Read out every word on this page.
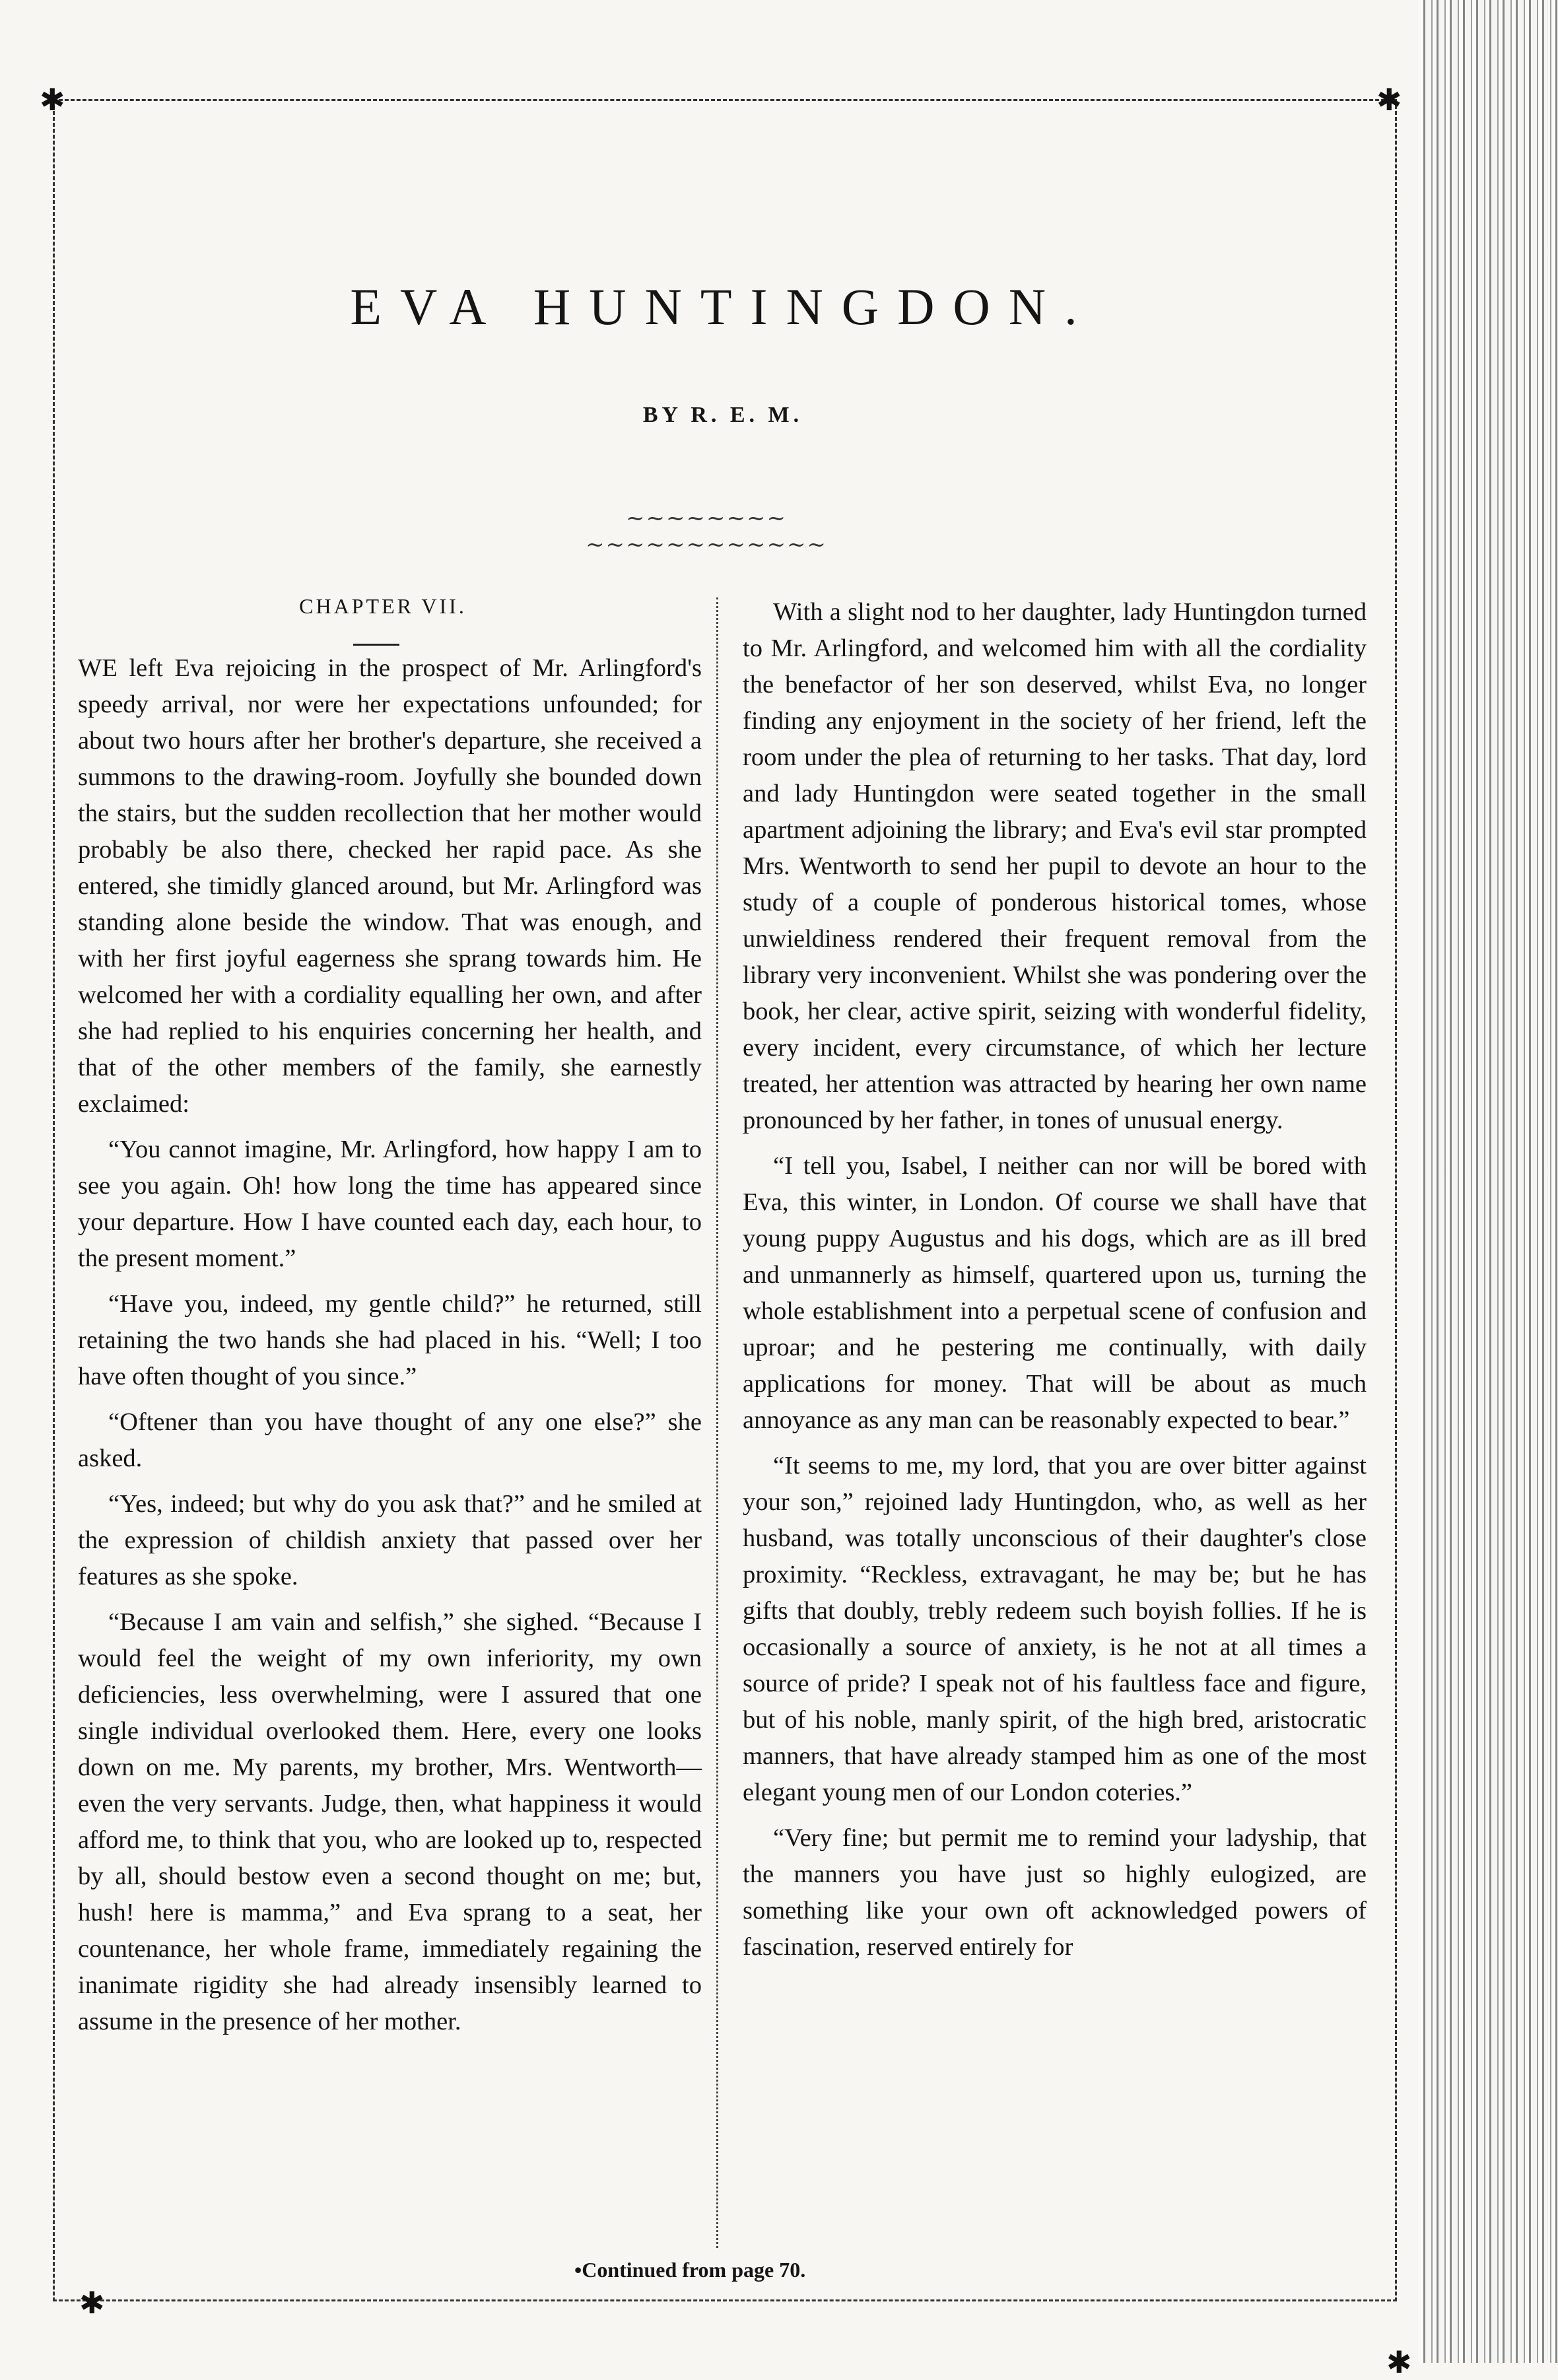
✱	✱
✱
✱
EVA HUNTINGDON.
BY R. E. M.
~~~~~~~~ ~~~~~~~~~~~~
CHAPTER VII.

WE left Eva rejoicing in the prospect of Mr. Arlingford's speedy arrival, nor were her expectations unfounded; for about two hours after her brother's departure, she received a summons to the drawing-room. Joyfully she bounded down the stairs, but the sudden recollection that her mother would probably be also there, checked her rapid pace. As she entered, she timidly glanced around, but Mr. Arlingford was standing alone beside the window. That was enough, and with her first joyful eagerness she sprang towards him. He welcomed her with a cordiality equalling her own, and after she had replied to his enquiries concerning her health, and that of the other members of the family, she earnestly exclaimed:

“You cannot imagine, Mr. Arlingford, how happy I am to see you again. Oh! how long the time has appeared since your departure. How I have counted each day, each hour, to the present moment.”

“Have you, indeed, my gentle child?” he returned, still retaining the two hands she had placed in his. “Well; I too have often thought of you since.”

“Oftener than you have thought of any one else?” she asked.

“Yes, indeed; but why do you ask that?” and he smiled at the expression of childish anxiety that passed over her features as she spoke.

“Because I am vain and selfish,” she sighed. “Because I would feel the weight of my own inferiority, my own deficiencies, less overwhelming, were I assured that one single individual overlooked them. Here, every one looks down on me. My parents, my brother, Mrs. Wentworth—even the very servants. Judge, then, what happiness it would afford me, to think that you, who are looked up to, respected by all, should bestow even a second thought on me; but, hush! here is mamma,” and Eva sprang to a seat, her countenance, her whole frame, immediately regaining the inanimate rigidity she had already insensibly learned to assume in the presence of her mother.

With a slight nod to her daughter, lady Huntingdon turned to Mr. Arlingford, and welcomed him with all the cordiality the benefactor of her son deserved, whilst Eva, no longer finding any enjoyment in the society of her friend, left the room under the plea of returning to her tasks. That day, lord and lady Huntingdon were seated together in the small apartment adjoining the library; and Eva's evil star prompted Mrs. Wentworth to send her pupil to devote an hour to the study of a couple of ponderous historical tomes, whose unwieldiness rendered their frequent removal from the library very inconvenient. Whilst she was pondering over the book, her clear, active spirit, seizing with wonderful fidelity, every incident, every circumstance, of which her lecture treated, her attention was attracted by hearing her own name pronounced by her father, in tones of unusual energy.

“I tell you, Isabel, I neither can nor will be bored with Eva, this winter, in London. Of course we shall have that young puppy Augustus and his dogs, which are as ill bred and unmannerly as himself, quartered upon us, turning the whole establishment into a perpetual scene of confusion and uproar; and he pestering me continually, with daily applications for money. That will be about as much annoyance as any man can be reasonably expected to bear.”

“It seems to me, my lord, that you are over bitter against your son,” rejoined lady Huntingdon, who, as well as her husband, was totally unconscious of their daughter's close proximity. “Reckless, extravagant, he may be; but he has gifts that doubly, trebly redeem such boyish follies. If he is occasionally a source of anxiety, is he not at all times a source of pride? I speak not of his faultless face and figure, but of his noble, manly spirit, of the high bred, aristocratic manners, that have already stamped him as one of the most elegant young men of our London coteries.”

“Very fine; but permit me to remind your ladyship, that the manners you have just so highly eulogized, are something like your own oft acknowledged powers of fascination, reserved entirely for

•Continued from page 70.
